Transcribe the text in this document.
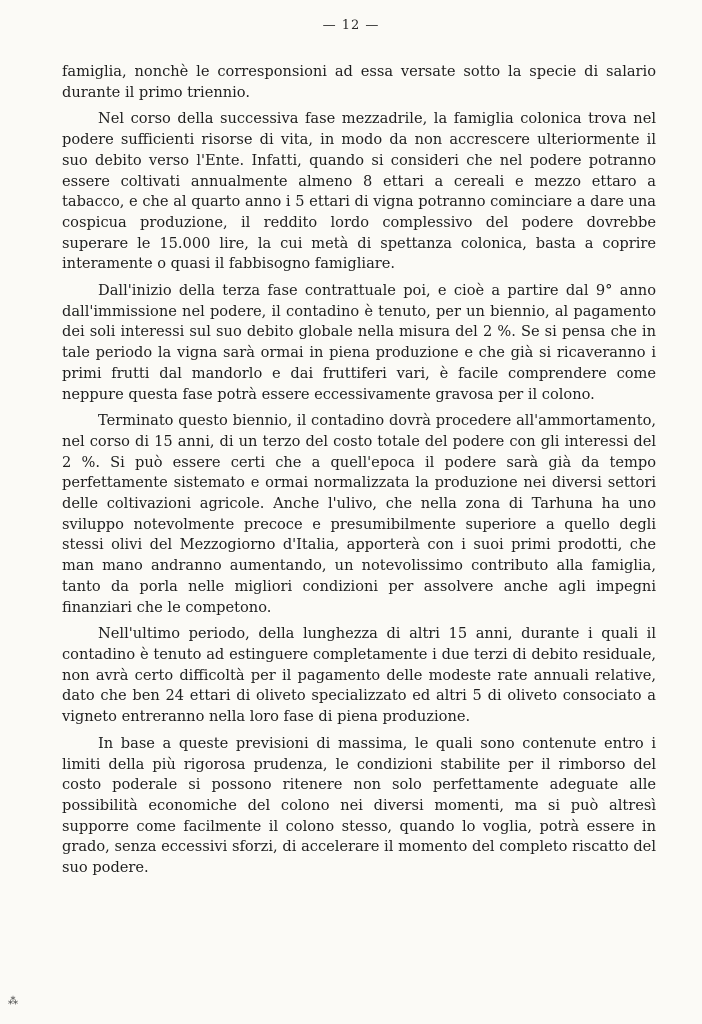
— 12 —

famiglia, nonchè le corresponsioni ad essa versate sotto la specie di salario durante il primo triennio.

Nel corso della successiva fase mezzadrile, la famiglia colonica trova nel podere sufficienti risorse di vita, in modo da non accrescere ulteriormente il suo debito verso l'Ente. Infatti, quando si consideri che nel podere potranno essere coltivati annualmente almeno 8 ettari a cereali e mezzo ettaro a tabacco, e che al quarto anno i 5 ettari di vigna potranno cominciare a dare una cospicua produzione, il reddito lordo complessivo del podere dovrebbe superare le 15.000 lire, la cui metà di spettanza colonica, basta a coprire interamente o quasi il fabbisogno famigliare.

Dall'inizio della terza fase contrattuale poi, e cioè a partire dal 9° anno dall'immissione nel podere, il contadino è tenuto, per un biennio, al pagamento dei soli interessi sul suo debito globale nella misura del 2 %. Se si pensa che in tale periodo la vigna sarà ormai in piena produzione e che già si ricaveranno i primi frutti dal mandorlo e dai fruttiferi vari, è facile comprendere come neppure questa fase potrà essere eccessivamente gravosa per il colono.

Terminato questo biennio, il contadino dovrà procedere all'ammortamento, nel corso di 15 anni, di un terzo del costo totale del podere con gli interessi del 2 %. Si può essere certi che a quell'epoca il podere sarà già da tempo perfettamente sistemato e ormai normalizzata la produzione nei diversi settori delle coltivazioni agricole. Anche l'ulivo, che nella zona di Tarhuna ha uno sviluppo notevolmente precoce e presumibilmente superiore a quello degli stessi olivi del Mezzogiorno d'Italia, apporterà con i suoi primi prodotti, che man mano andranno aumentando, un notevolissimo contributo alla famiglia, tanto da porla nelle migliori condizioni per assolvere anche agli impegni finanziari che le competono.

Nell'ultimo periodo, della lunghezza di altri 15 anni, durante i quali il contadino è tenuto ad estinguere completamente i due terzi di debito residuale, non avrà certo difficoltà per il pagamento delle modeste rate annuali relative, dato che ben 24 ettari di oliveto specializzato ed altri 5 di oliveto consociato a vigneto entreranno nella loro fase di piena produzione.

In base a queste previsioni di massima, le quali sono contenute entro i limiti della più rigorosa prudenza, le condizioni stabilite per il rimborso del costo poderale si possono ritenere non solo perfettamente adeguate alle possibilità economiche del colono nei diversi momenti, ma si può altresì supporre come facilmente il colono stesso, quando lo voglia, potrà essere in grado, senza eccessivi sforzi, di accelerare il momento del completo riscatto del suo podere.

⁂
